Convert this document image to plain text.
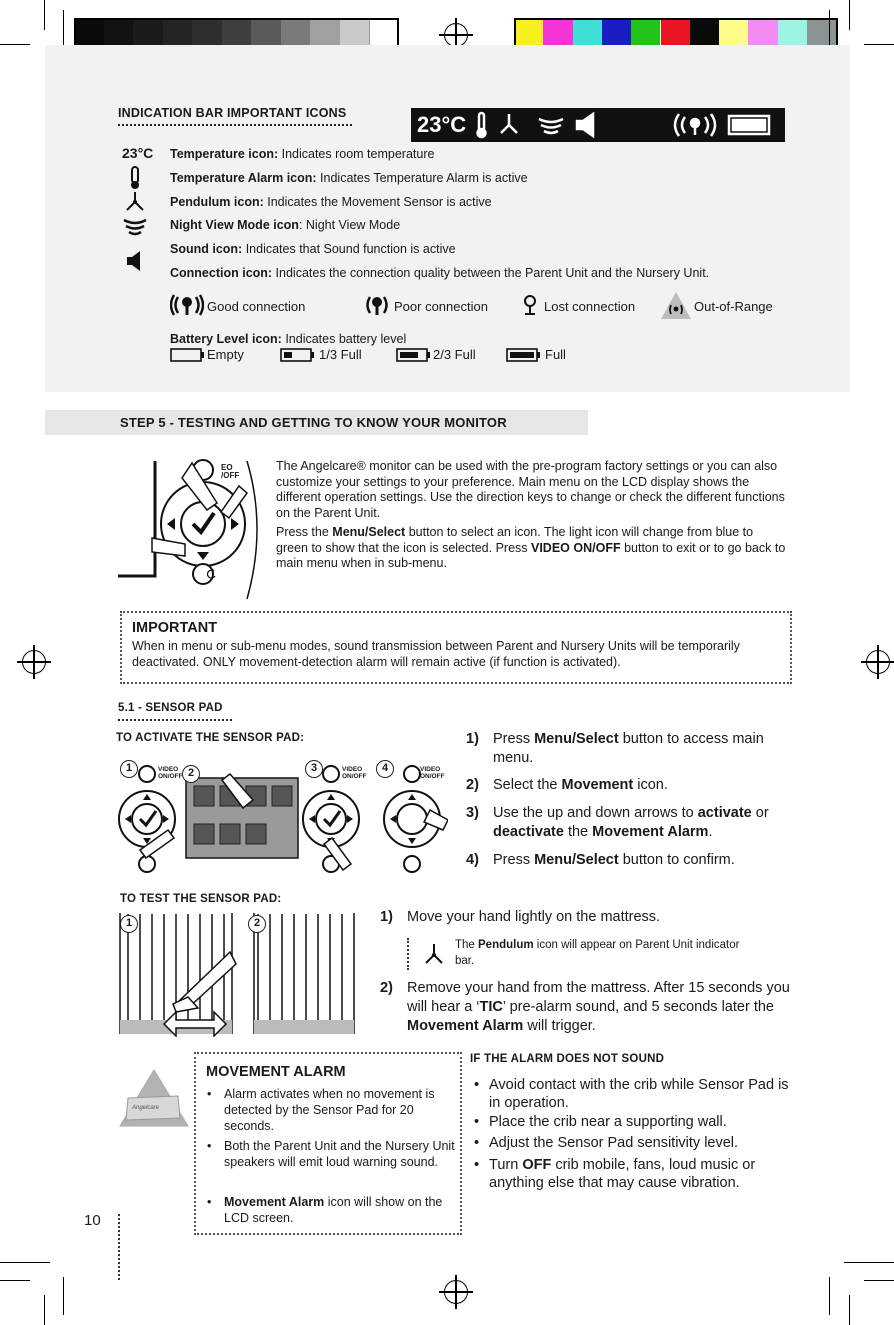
INDICATION BAR IMPORTANT ICONS	23°C
23°C Temperature icon: Indicates room temperature
Temperature Alarm icon: Indicates Temperature Alarm is active
Pendulum icon: Indicates the Movement Sensor is active
Night View Mode icon: Night View Mode
Sound icon: Indicates that Sound function is active
Connection icon: Indicates the connection quality between the Parent Unit and the Nursery Unit.
Good connection	Poor connection	Lost connection	Out-of-Range
Battery Level icon: Indicates battery level
Empty	1/3 Full	2/3 Full	Full
STEP 5 - TESTING AND GETTING TO KNOW YOUR MONITOR
EO
/OFF
The Angelcare® monitor can be used with the pre-program factory settings or you can also customize your settings to your preference. Main menu on the LCD display shows the different operation settings. Use the direction keys to change or check the different functions on the Parent Unit.
Press the Menu/Select button to select an icon. The light icon will change from blue to green to show that the icon is selected. Press VIDEO ON/OFF button to exit or to go back to main menu when in sub-menu.
IMPORTANT
When in menu or sub-menu modes, sound transmission between Parent and Nursery Units will be temporarily deactivated. ONLY movement-detection alarm will remain active (if function is activated).
5.1 - SENSOR PAD
TO ACTIVATE THE SENSOR PAD:
1	2	3	4
VIDEO ON/OFF
VIDEO ON/OFF
VIDEO ON/OFF
1) Press Menu/Select button to access main menu.
2) Select the Movement icon.
3) Use the up and down arrows to activate or deactivate the Movement Alarm.
4) Press Menu/Select button to confirm.
TO TEST THE SENSOR PAD:
1	2	1) Move your hand lightly on the mattress.
The Pendulum icon will appear on Parent Unit indicator bar.
2) Remove your hand from the mattress. After 15 seconds you will hear a ‘TIC’ pre-alarm sound, and 5 seconds later the Movement Alarm will trigger.
Angelcare
MOVEMENT ALARM
• Alarm activates when no movement is detected by the Sensor Pad for 20 seconds.
• Both the Parent Unit and the Nursery Unit speakers will emit loud warning sound.
• Movement Alarm icon will show on the LCD screen.
IF THE ALARM DOES NOT SOUND
• Avoid contact with the crib while Sensor Pad is in operation.
• Place the crib near a supporting wall.
• Adjust the Sensor Pad sensitivity level.
• Turn OFF crib mobile, fans, loud music or anything else that may cause vibration.
10
